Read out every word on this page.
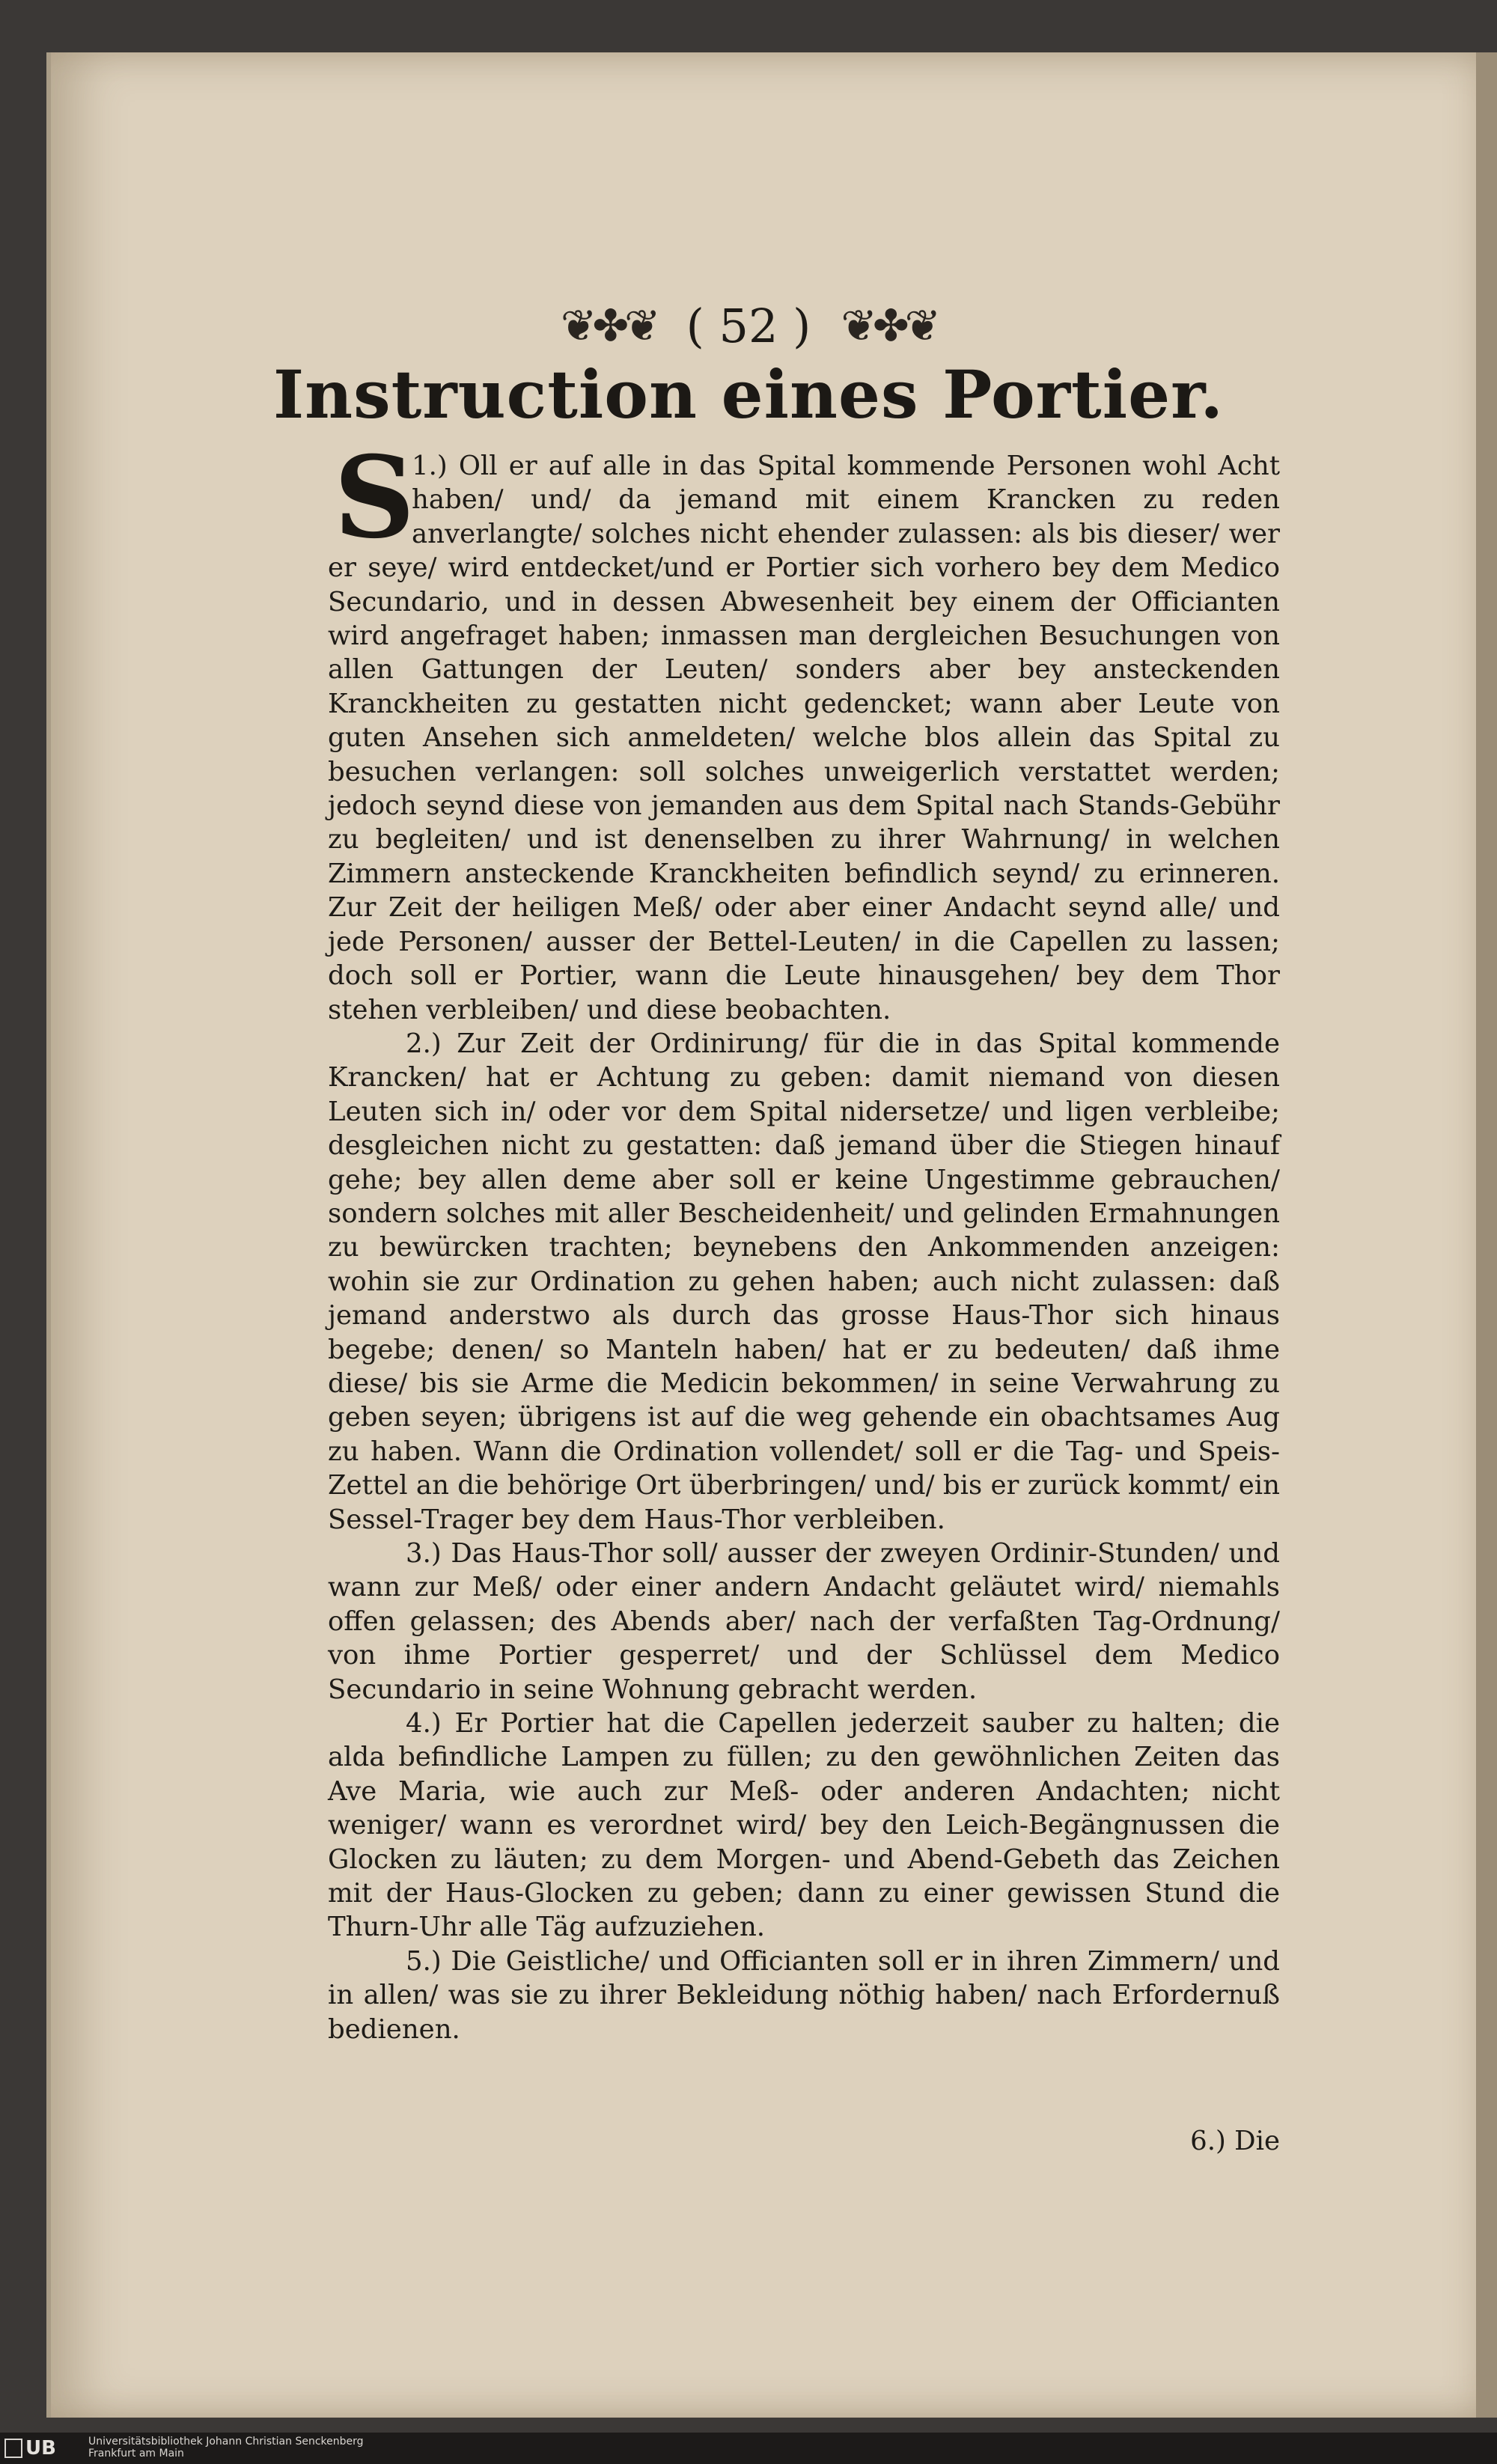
❦✤❦ ( 52 ) ❦✤❦
Instruction eines Portier.

1.)
S Oll er auf alle in das Spital kommende Personen wohl Acht haben/ und/ da jemand mit einem Krancken zu reden anverlangte/ solches nicht ehender zulassen: als bis dieser/ wer er seye/ wird entdecket/und er Portier sich vorhero bey dem Medico Secundario, und in dessen Abwesenheit bey einem der Officianten wird angefraget haben; inmassen man dergleichen Besuchungen von allen Gattungen der Leuten/ sonders aber bey ansteckenden Kranckheiten zu gestatten nicht gedencket; wann aber Leute von guten Ansehen sich anmeldeten/ welche blos allein das Spital zu besuchen verlangen: soll solches unweigerlich verstattet werden; jedoch seynd diese von jemanden aus dem Spital nach Stands-Gebühr zu begleiten/ und ist denenselben zu ihrer Wahrnung/ in welchen Zimmern ansteckende Kranckheiten befindlich seynd/ zu erinneren. Zur Zeit der heiligen Meß/ oder aber einer Andacht seynd alle/ und jede Personen/ ausser der Bettel-Leuten/ in die Capellen zu lassen; doch soll er Portier, wann die Leute hinausgehen/ bey dem Thor stehen verbleiben/ und diese beobachten.

2.) Zur Zeit der Ordinirung/ für die in das Spital kommende Krancken/ hat er Achtung zu geben: damit niemand von diesen Leuten sich in/ oder vor dem Spital nidersetze/ und ligen verbleibe; desgleichen nicht zu gestatten: daß jemand über die Stiegen hinauf gehe; bey allen deme aber soll er keine Ungestimme gebrauchen/ sondern solches mit aller Bescheidenheit/ und gelinden Ermahnungen zu bewürcken trachten; beynebens den Ankommenden anzeigen: wohin sie zur Ordination zu gehen haben; auch nicht zulassen: daß jemand anderstwo als durch das grosse Haus-Thor sich hinaus begebe; denen/ so Manteln haben/ hat er zu bedeuten/ daß ihme diese/ bis sie Arme die Medicin bekommen/ in seine Verwahrung zu geben seyen; übrigens ist auf die weg gehende ein obachtsames Aug zu haben. Wann die Ordination vollendet/ soll er die Tag- und Speis-Zettel an die behörige Ort überbringen/ und/ bis er zurück kommt/ ein Sessel-Trager bey dem Haus-Thor verbleiben.

3.) Das Haus-Thor soll/ ausser der zweyen Ordinir-Stunden/ und wann zur Meß/ oder einer andern Andacht geläutet wird/ niemahls offen gelassen; des Abends aber/ nach der verfaßten Tag-Ordnung/ von ihme Portier gesperret/ und der Schlüssel dem Medico Secundario in seine Wohnung gebracht werden.

4.) Er Portier hat die Capellen jederzeit sauber zu halten; die alda befindliche Lampen zu füllen; zu den gewöhnlichen Zeiten das Ave Maria, wie auch zur Meß- oder anderen Andachten; nicht weniger/ wann es verordnet wird/ bey den Leich-Begängnussen die Glocken zu läuten; zu dem Morgen- und Abend-Gebeth das Zeichen mit der Haus-Glocken zu geben; dann zu einer gewissen Stund die Thurn-Uhr alle Täg aufzuziehen.

5.) Die Geistliche/ und Officianten soll er in ihren Zimmern/ und in allen/ was sie zu ihrer Bekleidung nöthig haben/ nach Erfordernuß bedienen.

6.) Die
UB	Universitätsbibliothek Johann Christian Senckenberg
Frankfurt am Main
